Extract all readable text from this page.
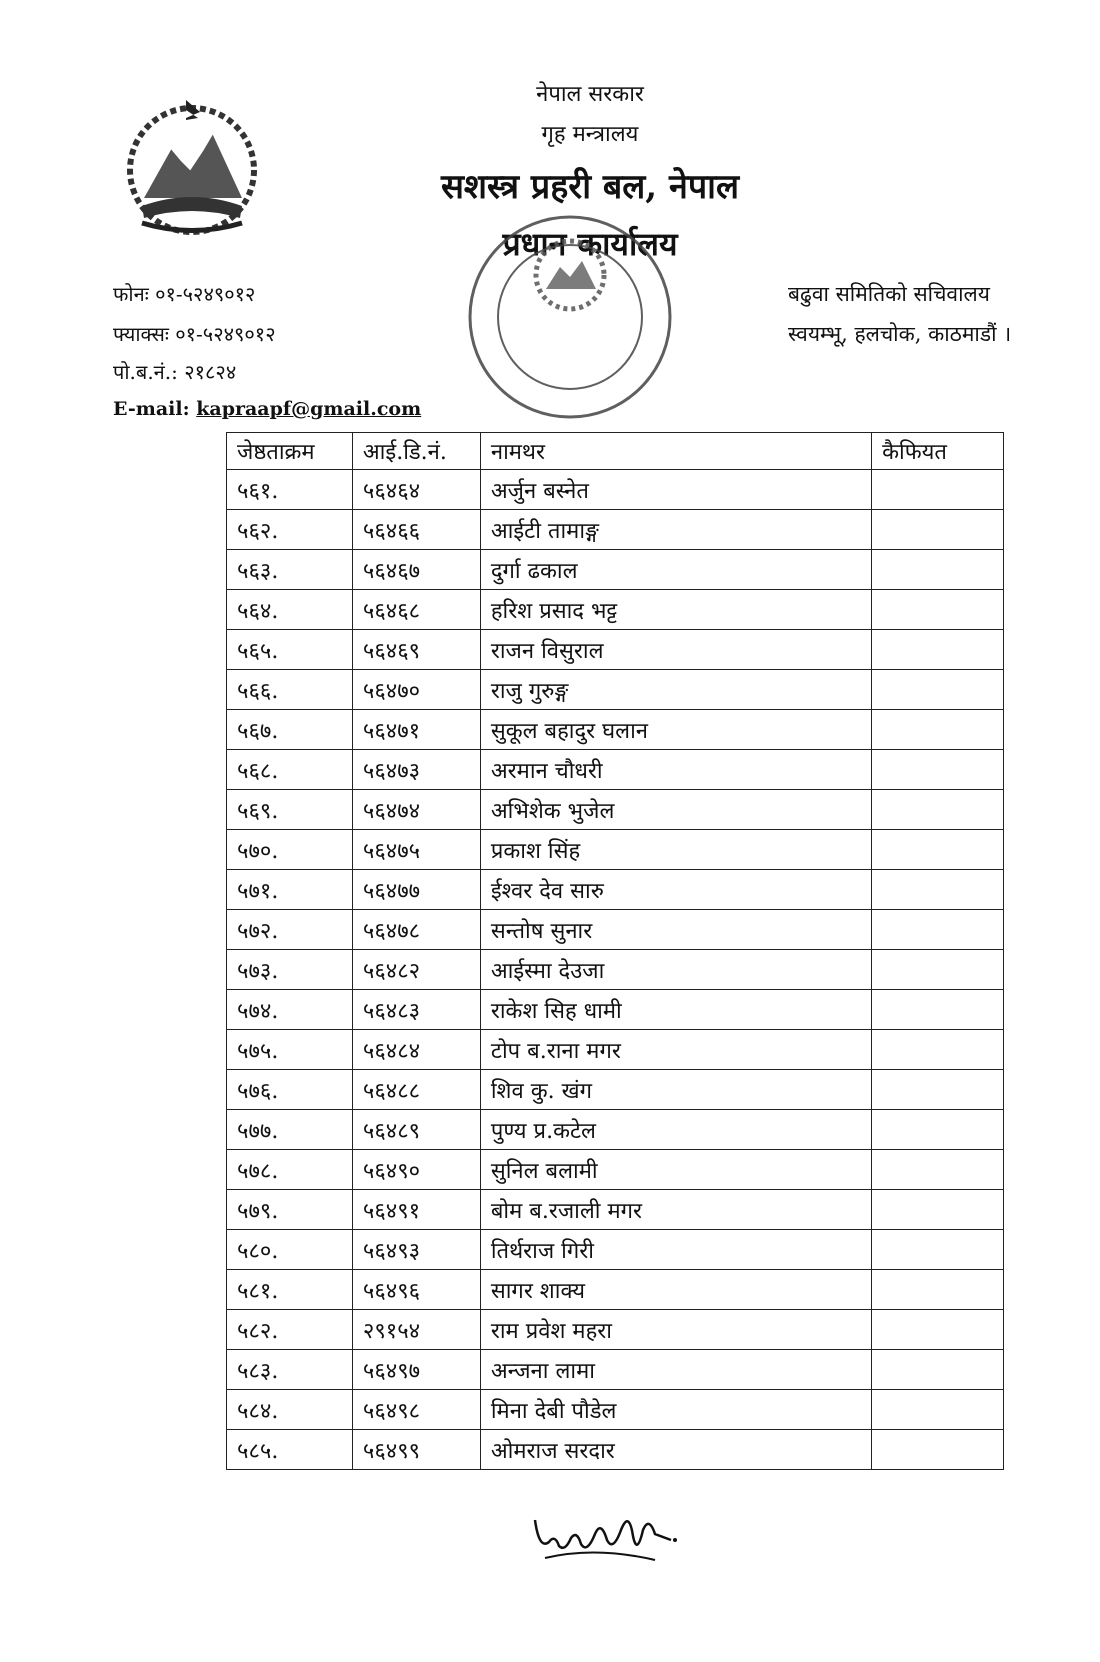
नेपाल सरकार
गृह मन्त्रालय
सशस्त्र प्रहरी बल, नेपाल
प्रधान कार्यालय
फोनः ०१-५२४९०१२
फ्याक्सः ०१-५२४९०१२
पो.ब.नं.: २१८२४
E-mail: kapraapf@gmail.com
बढुवा समितिको सचिवालय
स्वयम्भू, हलचोक, काठमाडौं ।
जेष्ठताक्रम	आई.डि.नं.	नामथर	कैफियत
५६१.	५६४६४	अर्जुन बस्नेत	
५६२.	५६४६६	आईटी तामाङ्ग	
५६३.	५६४६७	दुर्गा ढकाल	
५६४.	५६४६८	हरिश प्रसाद भट्ट	
५६५.	५६४६९	राजन विसुराल	
५६६.	५६४७०	राजु गुरुङ्ग	
५६७.	५६४७१	सुकूल बहादुर घलान	
५६८.	५६४७३	अरमान चौधरी	
५६९.	५६४७४	अभिशेक भुजेल	
५७०.	५६४७५	प्रकाश सिंह	
५७१.	५६४७७	ईश्वर देव सारु	
५७२.	५६४७८	सन्तोष सुनार	
५७३.	५६४८२	आईस्मा देउजा	
५७४.	५६४८३	राकेश सिह धामी	
५७५.	५६४८४	टोप ब.राना मगर	
५७६.	५६४८८	शिव कु. खंग	
५७७.	५६४८९	पुण्य प्र.कटेल	
५७८.	५६४९०	सुनिल बलामी	
५७९.	५६४९१	बोम ब.रजाली मगर	
५८०.	५६४९३	तिर्थराज गिरी	
५८१.	५६४९६	सागर शाक्य	
५८२.	२९१५४	राम प्रवेश महरा	
५८३.	५६४९७	अन्जना लामा	
५८४.	५६४९८	मिना देबी पौडेल	
५८५.	५६४९९	ओमराज सरदार	
